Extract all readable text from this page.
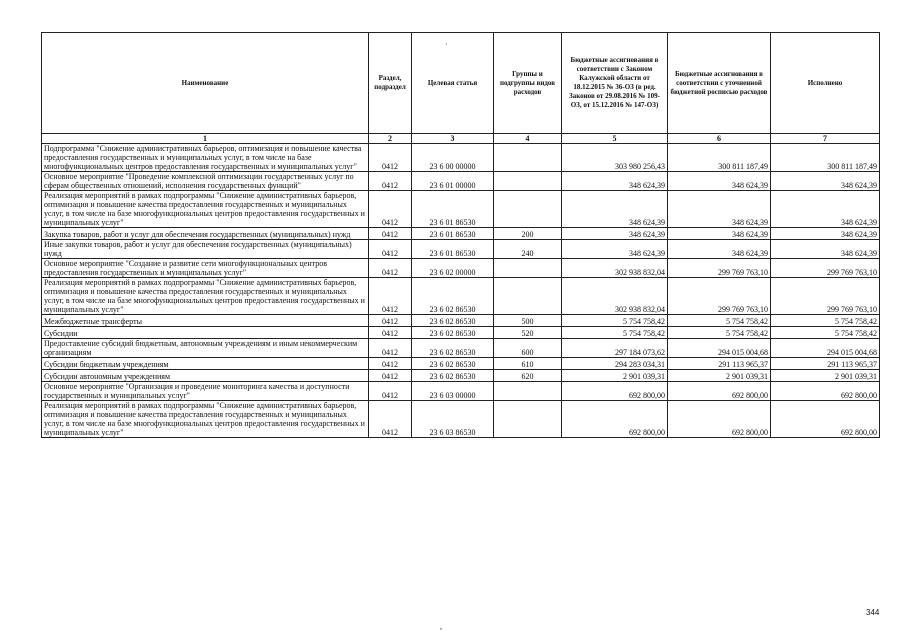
·
Наименование	Раздел, подраздел	Целевая статья	Группы и подгруппы видов расходов	Бюджетные ассигнования в соответствии с Законом Калужской области от 18.12.2015 № 36-ОЗ (в ред. Законов от 29.08.2016 № 109-ОЗ, от 15.12.2016 № 147-ОЗ)	Бюджетные ассигнования в соответствии с уточненной бюджетной росписью расходов	Исполнено
1	2	3	4	5	6	7
Подпрограмма "Снижение административных барьеров, оптимизация и повышение качества предоставления государственных и муниципальных услуг, в том числе на базе многофункциональных центров предоставления государственных и муниципальных услуг"	0412	23 6 00 00000		303 980 256,43	300 811 187,49	300 811 187,49
Основное мероприятие "Проведение комплексной оптимизации государственных услуг по сферам общественных отношений, исполнения государственных функций"	0412	23 6 01 00000		348 624,39	348 624,39	348 624,39
Реализация мероприятий в рамках подпрограммы "Снижение административных барьеров, оптимизация и повышение качества предоставления государственных и муниципальных услуг, в том числе на базе многофункциональных центров предоставления государственных и муниципальных услуг"	0412	23 6 01 86530		348 624,39	348 624,39	348 624,39
Закупка товаров, работ и услуг для обеспечения государственных (муниципальных) нужд	0412	23 6 01 86530	200	348 624,39	348 624,39	348 624,39
Иные закупки товаров, работ и услуг для обеспечения государственных (муниципальных) нужд	0412	23 6 01 86530	240	348 624,39	348 624,39	348 624,39
Основное мероприятие "Создание и развитие сети многофункциональных центров предоставления государственных и муниципальных услуг"	0412	23 6 02 00000		302 938 832,04	299 769 763,10	299 769 763,10
Реализация мероприятий в рамках подпрограммы "Снижение административных барьеров, оптимизация и повышение качества предоставления государственных и муниципальных услуг, в том числе на базе многофункциональных центров предоставления государственных и муниципальных услуг"	0412	23 6 02 86530		302 938 832,04	299 769 763,10	299 769 763,10
Межбюджетные трансферты	0412	23 6 02 86530	500	5 754 758,42	5 754 758,42	5 754 758,42
Субсидии	0412	23 6 02 86530	520	5 754 758,42	5 754 758,42	5 754 758,42
Предоставление субсидий бюджетным, автономным учреждениям и иным некоммерческим организациям	0412	23 6 02 86530	600	297 184 073,62	294 015 004,68	294 015 004,68
Субсидии бюджетным учреждениям	0412	23 6 02 86530	610	294 283 034,31	291 113 965,37	291 113 965,37
Субсидии автономным учреждениям	0412	23 6 02 86530	620	2 901 039,31	2 901 039,31	2 901 039,31
Основное мероприятие "Организация и проведение мониторинга качества и доступности государственных и муниципальных услуг"	0412	23 6 03 00000		692 800,00	692 800,00	692 800,00
Реализация мероприятий в рамках подпрограммы "Снижение административных барьеров, оптимизация и повышение качества предоставления государственных и муниципальных услуг, в том числе на базе многофункциональных центров предоставления государственных и муниципальных услуг"	0412	23 6 03 86530		692 800,00	692 800,00	692 800,00
344
,
